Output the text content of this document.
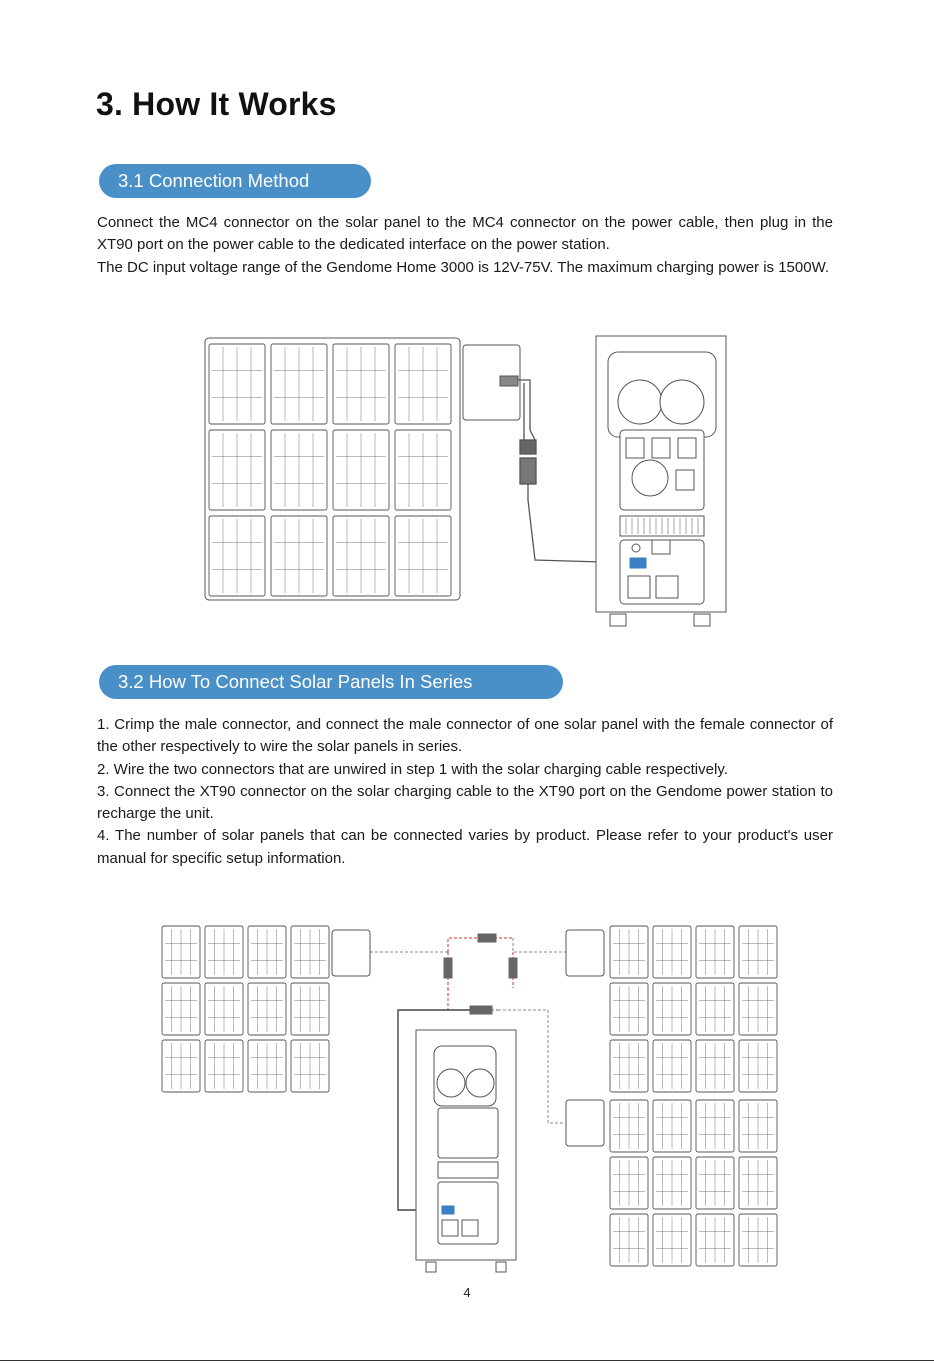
3. How It Works
3.1 Connection Method

Connect the MC4 connector on the solar panel to the MC4 connector on the power cable, then plug in the XT90 port on the power cable to the dedicated interface on the power station.

The DC input voltage range of the Gendome Home 3000 is 12V-75V. The maximum charging power is 1500W.

3.2 How To Connect Solar Panels In Series

1. Crimp the male connector, and connect the male connector of one solar panel with the female connector of the other respectively to wire the solar panels in series.

2. Wire the two connectors that are unwired in step 1 with the solar charging cable respectively.

3. Connect the XT90 connector on the solar charging cable to the XT90 port on the Gendome power station to recharge the unit.

4. The number of solar panels that can be connected varies by product. Please refer to your product's user manual for specific setup information.

4
